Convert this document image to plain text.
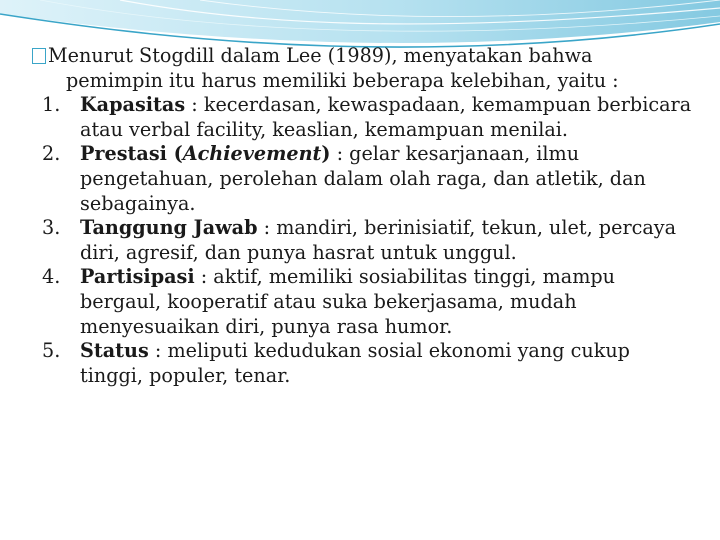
Menurut Stogdill dalam Lee (1989), menyatakan bahwa pemimpin itu harus memiliki beberapa kelebihan, yaitu :

1. Kapasitas : kecerdasan, kewaspadaan, kemampuan berbicara atau verbal facility, keaslian, kemampuan menilai.
2. Prestasi (Achievement) : gelar kesarjanaan, ilmu pengetahuan, perolehan dalam olah raga, dan atletik, dan sebagainya.
3. Tanggung Jawab : mandiri, berinisiatif, tekun, ulet, percaya diri, agresif, dan punya hasrat untuk unggul.
4. Partisipasi : aktif, memiliki sosiabilitas tinggi, mampu bergaul, kooperatif atau suka bekerjasama, mudah menyesuaikan diri, punya rasa humor.
5. Status : meliputi kedudukan sosial ekonomi yang cukup tinggi, populer, tenar.
